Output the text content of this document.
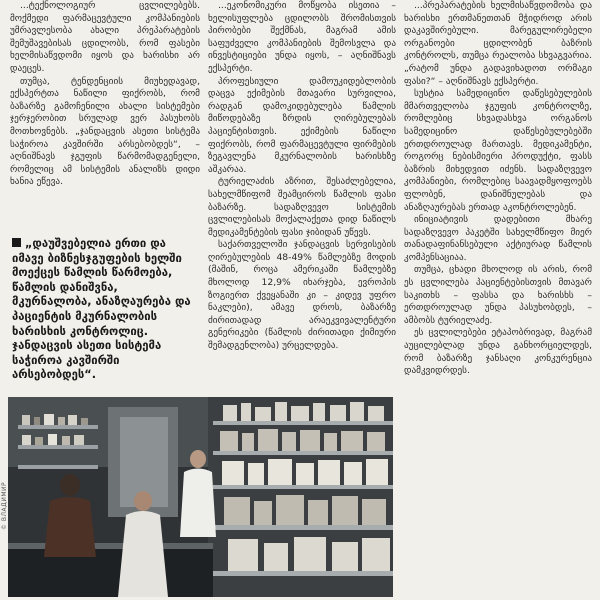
...ტექნოლოგიურ ცვლილებებს. მოქმედი ფარმაცევტული კომპანიების უმრავლესობა ახალი პრეპარატების შემუშავებისას ცდილობს, რომ ფასები ხელმისაწვდომი იყოს და ხარისხი არ დაეცეს.

თუმცა, ტენდენციის მიუხედავად, ექსპერტთა ნაწილი ფიქრობს, რომ ბაზარზე გამოჩენილი ახალი სისტემები ჯერჯერობით სრულად ვერ პასუხობს მოთხოვნებს. „ჯანდაცვის ასეთი სისტემა საჭიროა კავშირში არსებობდეს“, – აღნიშნავს ჯგუფის წარმომადგენელი, რომელიც ამ სისტემის ანალიზს დიდი ხანია ეწევა.

„დაუშვებელია ერთი და იმავე ბიზნესჯგუფების ხელში მოექცეს წამლის წარმოება, წამლის დანიშვნა, მკურნალობა, ანაზღაურება და პაციენტის მკურნალობის ხარისხის კონტროლიც. ჯანდაცვის ასეთი სისტემა საჭიროა კავშირში არსებობდეს“.

...ეკონომიკური მოწყობა ისეთია – ხელისუფლება ცდილობს შრომისთვის პირობები შექმნას, მაგრამ ამის საფუძველი კომპანიების შემოსვლა და ინვესტიციები უნდა იყოს, – აღნიშნავს ექსპერტი.

პროფესიული დამოუკიდებლობის დაცვა ექიმების მთავარი სურვილია, რადგან დამოკიდებულება წამლის მიწოდებაზე ზრდის ღირებულებას პაციენტისთვის. ექიმების ნაწილი ფიქრობს, რომ ფარმაცევტული ფირმების ზეგავლენა მკურნალობის ხარისხზე აშკარაა.

ტურიელაძის აზრით, შესაძლებელია, სახელმწიფომ შეამციროს წამლის ფასი ბაზარზე. სადაზღვევო სისტემის ცვლილებისას მოქალაქეთა დიდ ნაწილს მედიკამენტების ფასი ჯიბიდან უწევს.

საქართველოში ჯანდაცვის სერვისების ღირებულების 48-49% წამლებზე მოდის (მაშინ, როცა ამერიკაში წამლებზე მხოლოდ 12,9% იხარჯება, ევროპის ზოგიერთ ქვეყანაში კი – კიდევ უფრო ნაკლები), ამავე დროს, ბაზარზე ძირითადად არაეკვივალენტური გენერიკები (წამლის ძირითადი ქიმიური შემადგენლობა) ურცელდება.

...პრეპარატების ხელმისაწვდომობა და ხარისხი ერთმანეთთან მჭიდროდ არის დაკავშირებული. მარეგულირებელი ორგანოები ცდილობენ ბაზრის კონტროლს, თუმცა რეალობა სხვაგვარია. „რატომ უნდა გადავიხადოთ ორმაგი ფასი?“ – აღნიშნავს ექსპერტი.

სუსტია სამედიცინო დაწესებულების მმართველობა ჯგუფის კონტროლზე, რომლებიც სხვადასხვა ორგანოს სამედიცინო დაწესებულებებში ერთდროულად მართავს. მედიკამენტი, როგორც ნებისმიერი პროდუქტი, ფასს ბაზრის მიხედვით იძენს. სადაზღვევო კომპანიები, რომლებიც საავადმყოფოებს ფლობენ, დანიშნულებას და ანაზღაურებას ერთად აკონტროლებენ.

ინიციატივის დადებითი მხარე სადაზღვევო პაკეტში სახელმწიფო მიერ თანადაფინანსებული აქტიურად წამლის კომპენსაციაა.

თუმცა, ცხადი მხოლოდ ის არის, რომ ეს ცვლილება პაციენტებისთვის მთავარ საკითხს – ფასსა და ხარისხს – ერთდროულად უნდა პასუხობდეს, – ამბობს ტურიელაძე.

ეს ცვლილებები ეტაპობრივად, მაგრამ აუცილებლად უნდა განხორციელდეს, რომ ბაზარზე ჯანსაღი კონკურენცია დამკვიდრდეს.

© ВЛАДИМИР
